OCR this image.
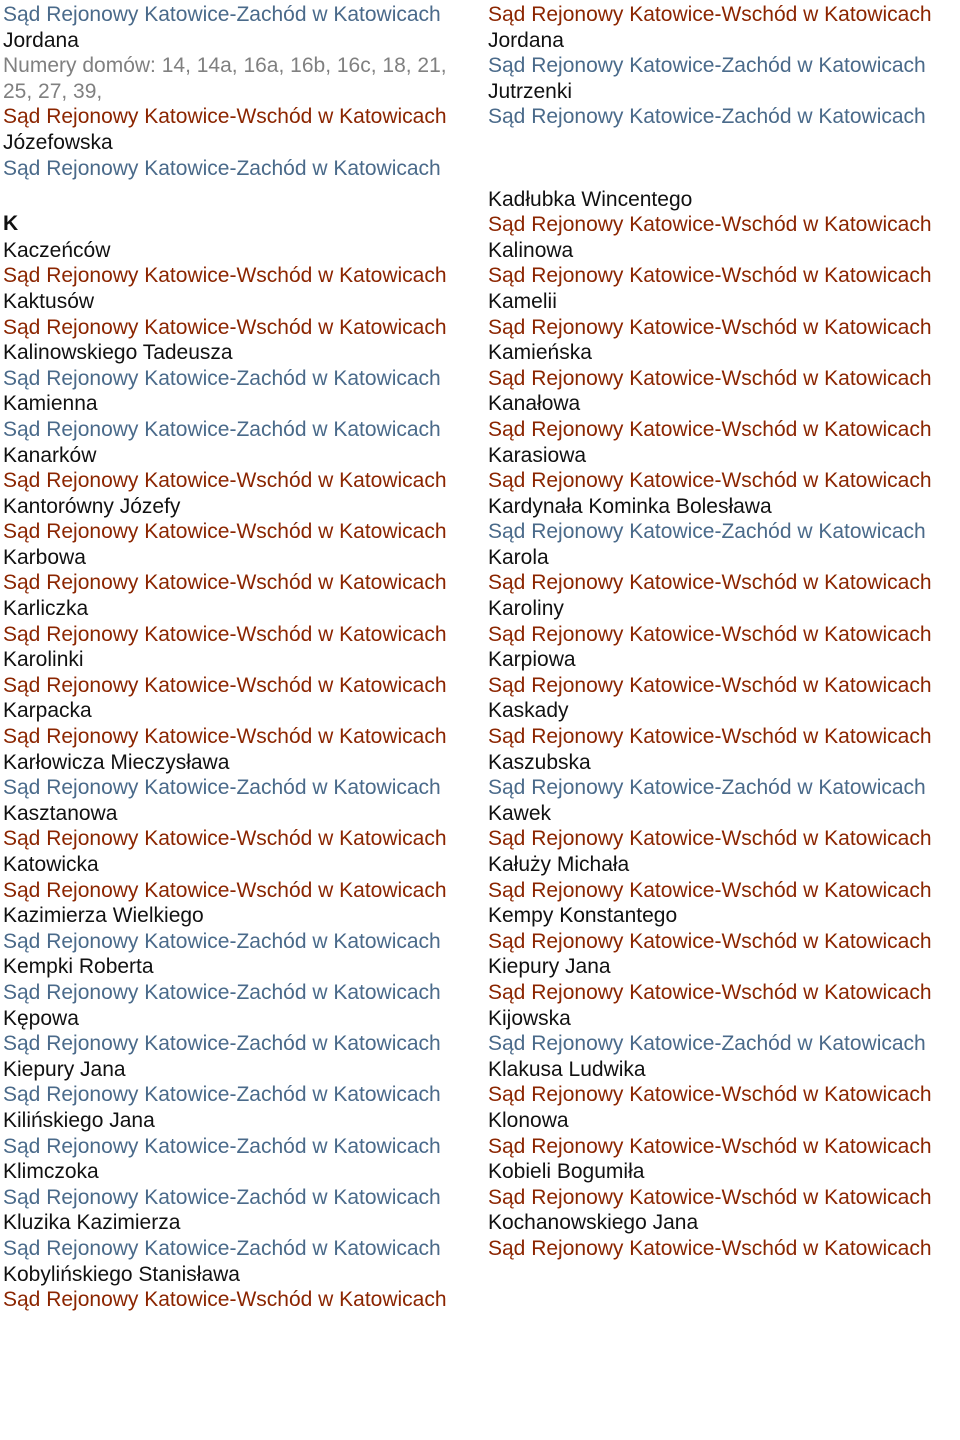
Sąd Rejonowy Katowice-Zachód w Katowicach
Jordana
Numery domów: 14, 14a, 16a, 16b, 16c, 18, 21, 25, 27, 39,
Sąd Rejonowy Katowice-Wschód w Katowicach
Józefowska
Sąd Rejonowy Katowice-Zachód w Katowicach
K
Kaczeńców
Sąd Rejonowy Katowice-Wschód w Katowicach
Kaktusów
Sąd Rejonowy Katowice-Wschód w Katowicach
Kalinowskiego Tadeusza
Sąd Rejonowy Katowice-Zachód w Katowicach
Kamienna
Sąd Rejonowy Katowice-Zachód w Katowicach
Kanarków
Sąd Rejonowy Katowice-Wschód w Katowicach
Kantorówny Józefy
Sąd Rejonowy Katowice-Wschód w Katowicach
Karbowa
Sąd Rejonowy Katowice-Wschód w Katowicach
Karliczka
Sąd Rejonowy Katowice-Wschód w Katowicach
Karolinki
Sąd Rejonowy Katowice-Wschód w Katowicach
Karpacka
Sąd Rejonowy Katowice-Wschód w Katowicach
Karłowicza Mieczysława
Sąd Rejonowy Katowice-Zachód w Katowicach
Kasztanowa
Sąd Rejonowy Katowice-Wschód w Katowicach
Katowicka
Sąd Rejonowy Katowice-Wschód w Katowicach
Kazimierza Wielkiego
Sąd Rejonowy Katowice-Zachód w Katowicach
Kempki Roberta
Sąd Rejonowy Katowice-Zachód w Katowicach
Kępowa
Sąd Rejonowy Katowice-Zachód w Katowicach
Kiepury Jana
Sąd Rejonowy Katowice-Zachód w Katowicach
Kilińskiego Jana
Sąd Rejonowy Katowice-Zachód w Katowicach
Klimczoka
Sąd Rejonowy Katowice-Zachód w Katowicach
Kluzika Kazimierza
Sąd Rejonowy Katowice-Zachód w Katowicach
Kobylińskiego Stanisława
Sąd Rejonowy Katowice-Wschód w Katowicach
Sąd Rejonowy Katowice-Wschód w Katowicach
Jordana
Sąd Rejonowy Katowice-Zachód w Katowicach
Jutrzenki
Sąd Rejonowy Katowice-Zachód w Katowicach
Kadłubka Wincentego
Sąd Rejonowy Katowice-Wschód w Katowicach
Kalinowa
Sąd Rejonowy Katowice-Wschód w Katowicach
Kamelii
Sąd Rejonowy Katowice-Wschód w Katowicach
Kamieńska
Sąd Rejonowy Katowice-Wschód w Katowicach
Kanałowa
Sąd Rejonowy Katowice-Wschód w Katowicach
Karasiowa
Sąd Rejonowy Katowice-Wschód w Katowicach
Kardynała Kominka Bolesława
Sąd Rejonowy Katowice-Zachód w Katowicach
Karola
Sąd Rejonowy Katowice-Wschód w Katowicach
Karoliny
Sąd Rejonowy Katowice-Wschód w Katowicach
Karpiowa
Sąd Rejonowy Katowice-Wschód w Katowicach
Kaskady
Sąd Rejonowy Katowice-Wschód w Katowicach
Kaszubska
Sąd Rejonowy Katowice-Zachód w Katowicach
Kawek
Sąd Rejonowy Katowice-Wschód w Katowicach
Kałuży Michała
Sąd Rejonowy Katowice-Wschód w Katowicach
Kempy Konstantego
Sąd Rejonowy Katowice-Wschód w Katowicach
Kiepury Jana
Sąd Rejonowy Katowice-Wschód w Katowicach
Kijowska
Sąd Rejonowy Katowice-Zachód w Katowicach
Klakusa Ludwika
Sąd Rejonowy Katowice-Wschód w Katowicach
Klonowa
Sąd Rejonowy Katowice-Wschód w Katowicach
Kobieli Bogumiła
Sąd Rejonowy Katowice-Wschód w Katowicach
Kochanowskiego Jana
Sąd Rejonowy Katowice-Wschód w Katowicach
